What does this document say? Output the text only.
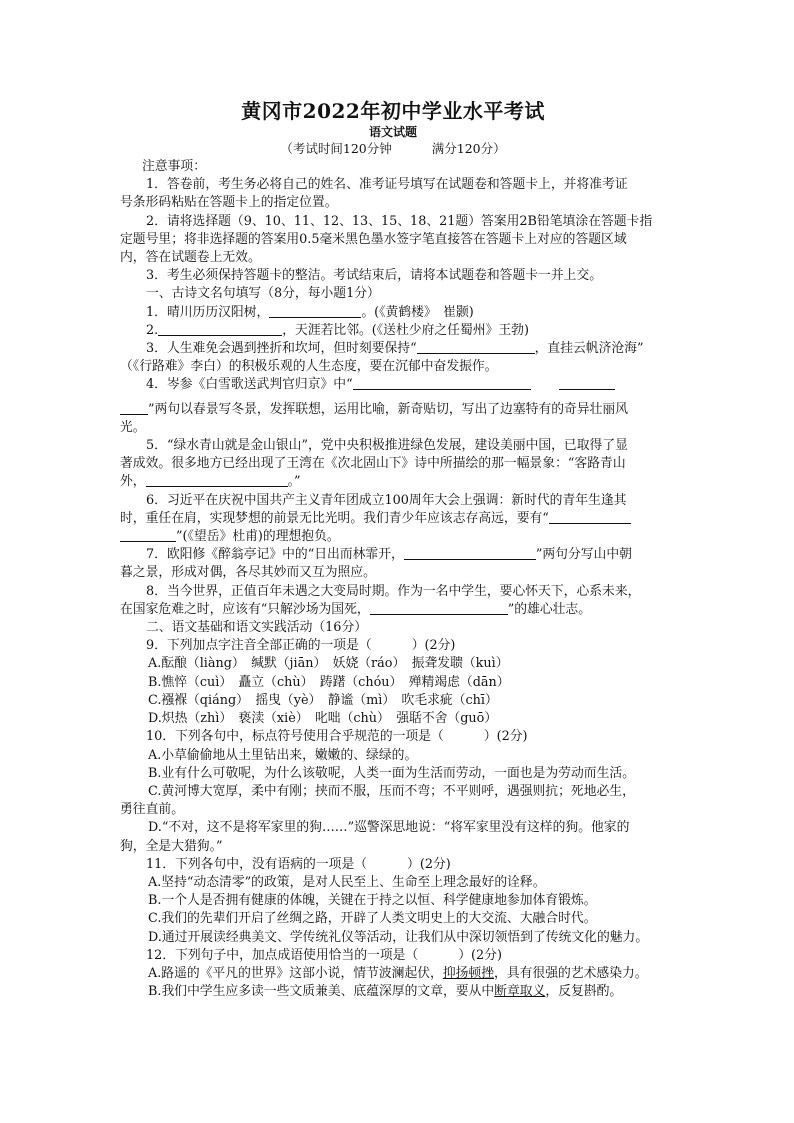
黄冈市2022年初中学业水平考试
语文试题
（考试时间120分钟	满分120分）
注意事项：
1．答卷前，考生务必将自己的姓名、准考证号填写在试题卷和答题卡上，并将准考证
号条形码粘贴在答题卡上的指定位置。
2．请将选择题（9、10、11、12、13、15、18、21题）答案用2B铅笔填涂在答题卡指
定题号里；将非选择题的答案用0.5毫米黑色墨水签字笔直接答在答题卡上对应的答题区域
内，答在试题卷上无效。
3．考生必须保持答题卡的整洁。考试结束后，请将本试题卷和答题卡一并上交。
一、古诗文名句填写（8分，每小题1分）
1．晴川历历汉阳树，	。(《黄鹤楼》　崔颢)
2.	，天涯若比邻。(《送杜少府之任蜀州》王勃)
3．人生难免会遇到挫折和坎坷，但时刻要保持“	，直挂云帆济沧海”
（《行路难》李白）的积极乐观的人生态度，要在沉郁中奋发振作。
4．岑参《白雪歌送武判官归京》中“
”两句以春景写冬景，发挥联想，运用比喻，新奇贴切，写出了边塞特有的奇异壮丽风
光。
5．“绿水青山就是金山银山”，党中央积极推进绿色发展，建设美丽中国，已取得了显
著成效。很多地方已经出现了王湾在《次北固山下》诗中所描绘的那一幅景象：“客路青山
外，	。”
6．习近平在庆祝中国共产主义青年团成立100周年大会上强调：新时代的青年生逢其
时，重任在肩，实现梦想的前景无比光明。我们青少年应该志存高远，要有“
”(《望岳》杜甫)的理想抱负。
7．欧阳修《醉翁亭记》中的“日出而林霏开，	”两句分写山中朝
暮之景，形成对偶，各尽其妙而又互为照应。
8．当今世界，正值百年未遇之大变局时期。作为一名中学生，要心怀天下，心系未来，
在国家危难之时，应该有“只解沙场为国死，	”的雄心壮志。
二、语文基础和语文实践活动（16分）
9．下列加点字注音全部正确的一项是（	）(2分)
A.酝酿（liàng）　缄默（jiān）　妖娆（ráo）　振聋发聩（kuì）
B.憔悴（cuì）　矗立（chù）　踌躇（chóu）　殚精竭虑（dān）
C.襁褓（qiáng）　摇曳（yè）　静谧（mì）　吹毛求疵（chī）
D.炽热（zhì）　亵渎（xiè）　叱咄（chù）　强聒不舍（guō）
10．下列各句中，标点符号使用合乎规范的一项是（	）(2分)
A.小草偷偷地从土里钻出来，嫩嫩的、绿绿的。
B.业有什么可敬呢，为什么该敬呢，人类一面为生活而劳动，一面也是为劳动而生活。
C.黄河博大宽厚，柔中有刚；挟而不服，压而不弯；不平则呼，遇强则抗；死地必生，
勇往直前。
D.“不对，这不是将军家里的狗……”巡警深思地说：“将军家里没有这样的狗。他家的
狗，全是大猎狗。”
11．下列各句中，没有语病的一项是（	）(2分)
A.坚持“动态清零”的政策，是对人民至上、生命至上理念最好的诠释。
B.一个人是否拥有健康的体魄，关键在于持之以恒、科学健康地参加体育锻炼。
C.我们的先辈们开启了丝绸之路，开辟了人类文明史上的大交流、大融合时代。
D.通过开展读经典美文、学传统礼仪等活动，让我们从中深切领悟到了传统文化的魅力。
12．下列句子中，加点成语使用恰当的一项是（	）(2分)
A.路遥的《平凡的世界》这部小说，情节波澜起伏，抑扬顿挫，具有很强的艺术感染力。
B.我们中学生应多读一些文质兼美、底蕴深厚的文章，要从中断章取义，反复斟酌。
